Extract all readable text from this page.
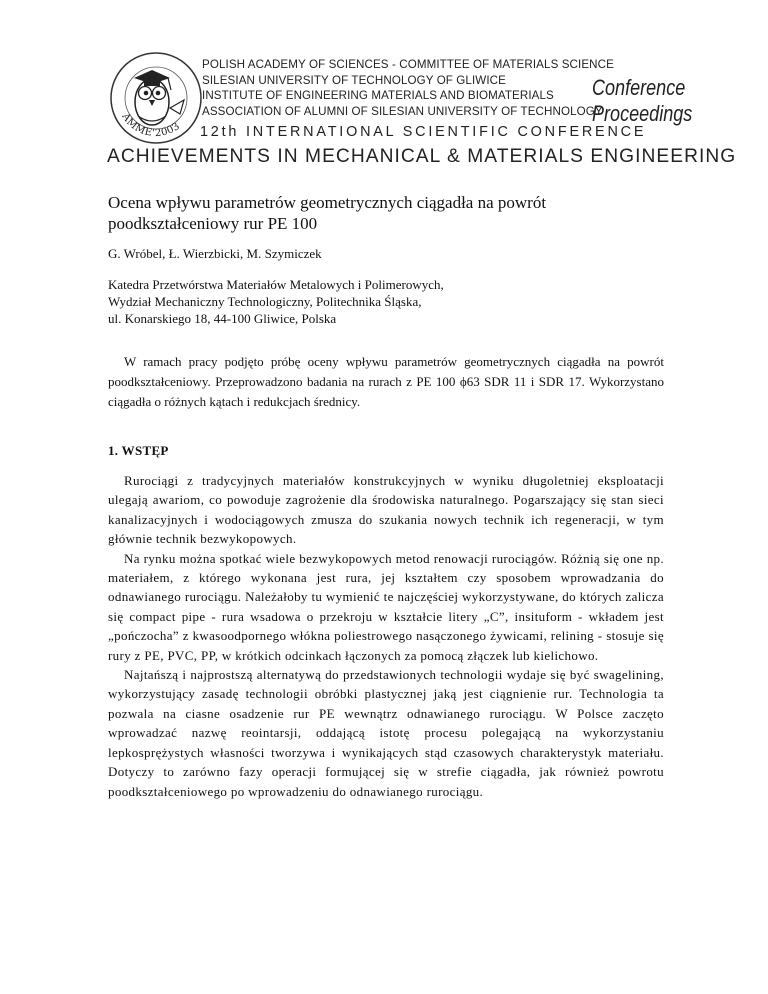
AMME'2003
POLISH ACADEMY OF SCIENCES - COMMITTEE OF MATERIALS SCIENCE
SILESIAN UNIVERSITY OF TECHNOLOGY OF GLIWICE
INSTITUTE OF ENGINEERING MATERIALS AND BIOMATERIALS
ASSOCIATION OF ALUMNI OF SILESIAN UNIVERSITY OF TECHNOLOGY
Conference
Proceedings
12th INTERNATIONAL SCIENTIFIC CONFERENCE
ACHIEVEMENTS IN MECHANICAL & MATERIALS ENGINEERING
Ocena wpływu parametrów geometrycznych ciągadła na powrót
poodkształceniowy rur PE 100
G. Wróbel, Ł. Wierzbicki, M. Szymiczek
Katedra Przetwórstwa Materiałów Metalowych i Polimerowych,
Wydział Mechaniczny Technologiczny, Politechnika Śląska,
ul. Konarskiego 18, 44-100 Gliwice, Polska

W ramach pracy podjęto próbę oceny wpływu parametrów geometrycznych ciągadła na powrót poodkształceniowy. Przeprowadzono badania na rurach z PE 100 ϕ63 SDR 11 i SDR 17. Wykorzystano ciągadła o różnych kątach i redukcjach średnicy.

1. WSTĘP

Rurociągi z tradycyjnych materiałów konstrukcyjnych w wyniku długoletniej eksploatacji ulegają awariom, co powoduje zagrożenie dla środowiska naturalnego. Pogarszający się stan sieci kanalizacyjnych i wodociągowych zmusza do szukania nowych technik ich regeneracji, w tym głównie technik bezwykopowych.

Na rynku można spotkać wiele bezwykopowych metod renowacji rurociągów. Różnią się one np. materiałem, z którego wykonana jest rura, jej kształtem czy sposobem wprowadzania do odnawianego rurociągu. Należałoby tu wymienić te najczęściej wykorzystywane, do których zalicza się compact pipe - rura wsadowa o przekroju w kształcie litery „C”, insituform - wkładem jest „pończocha” z kwasoodpornego włókna poliestrowego nasączonego żywicami, relining - stosuje się rury z PE, PVC, PP, w krótkich odcinkach łączonych za pomocą złączek lub kielichowo.

Najtańszą i najprostszą alternatywą do przedstawionych technologii wydaje się być swagelining, wykorzystujący zasadę technologii obróbki plastycznej jaką jest ciągnienie rur. Technologia ta pozwala na ciasne osadzenie rur PE wewnątrz odnawianego rurociągu. W Polsce zaczęto wprowadzać nazwę reointarsji, oddającą istotę procesu polegającą na wykorzystaniu lepkosprężystych własności tworzywa i wynikających stąd czasowych charakterystyk materiału. Dotyczy to zarówno fazy operacji formującej się w strefie ciągadła, jak również powrotu poodkształceniowego po wprowadzeniu do odnawianego rurociągu.
